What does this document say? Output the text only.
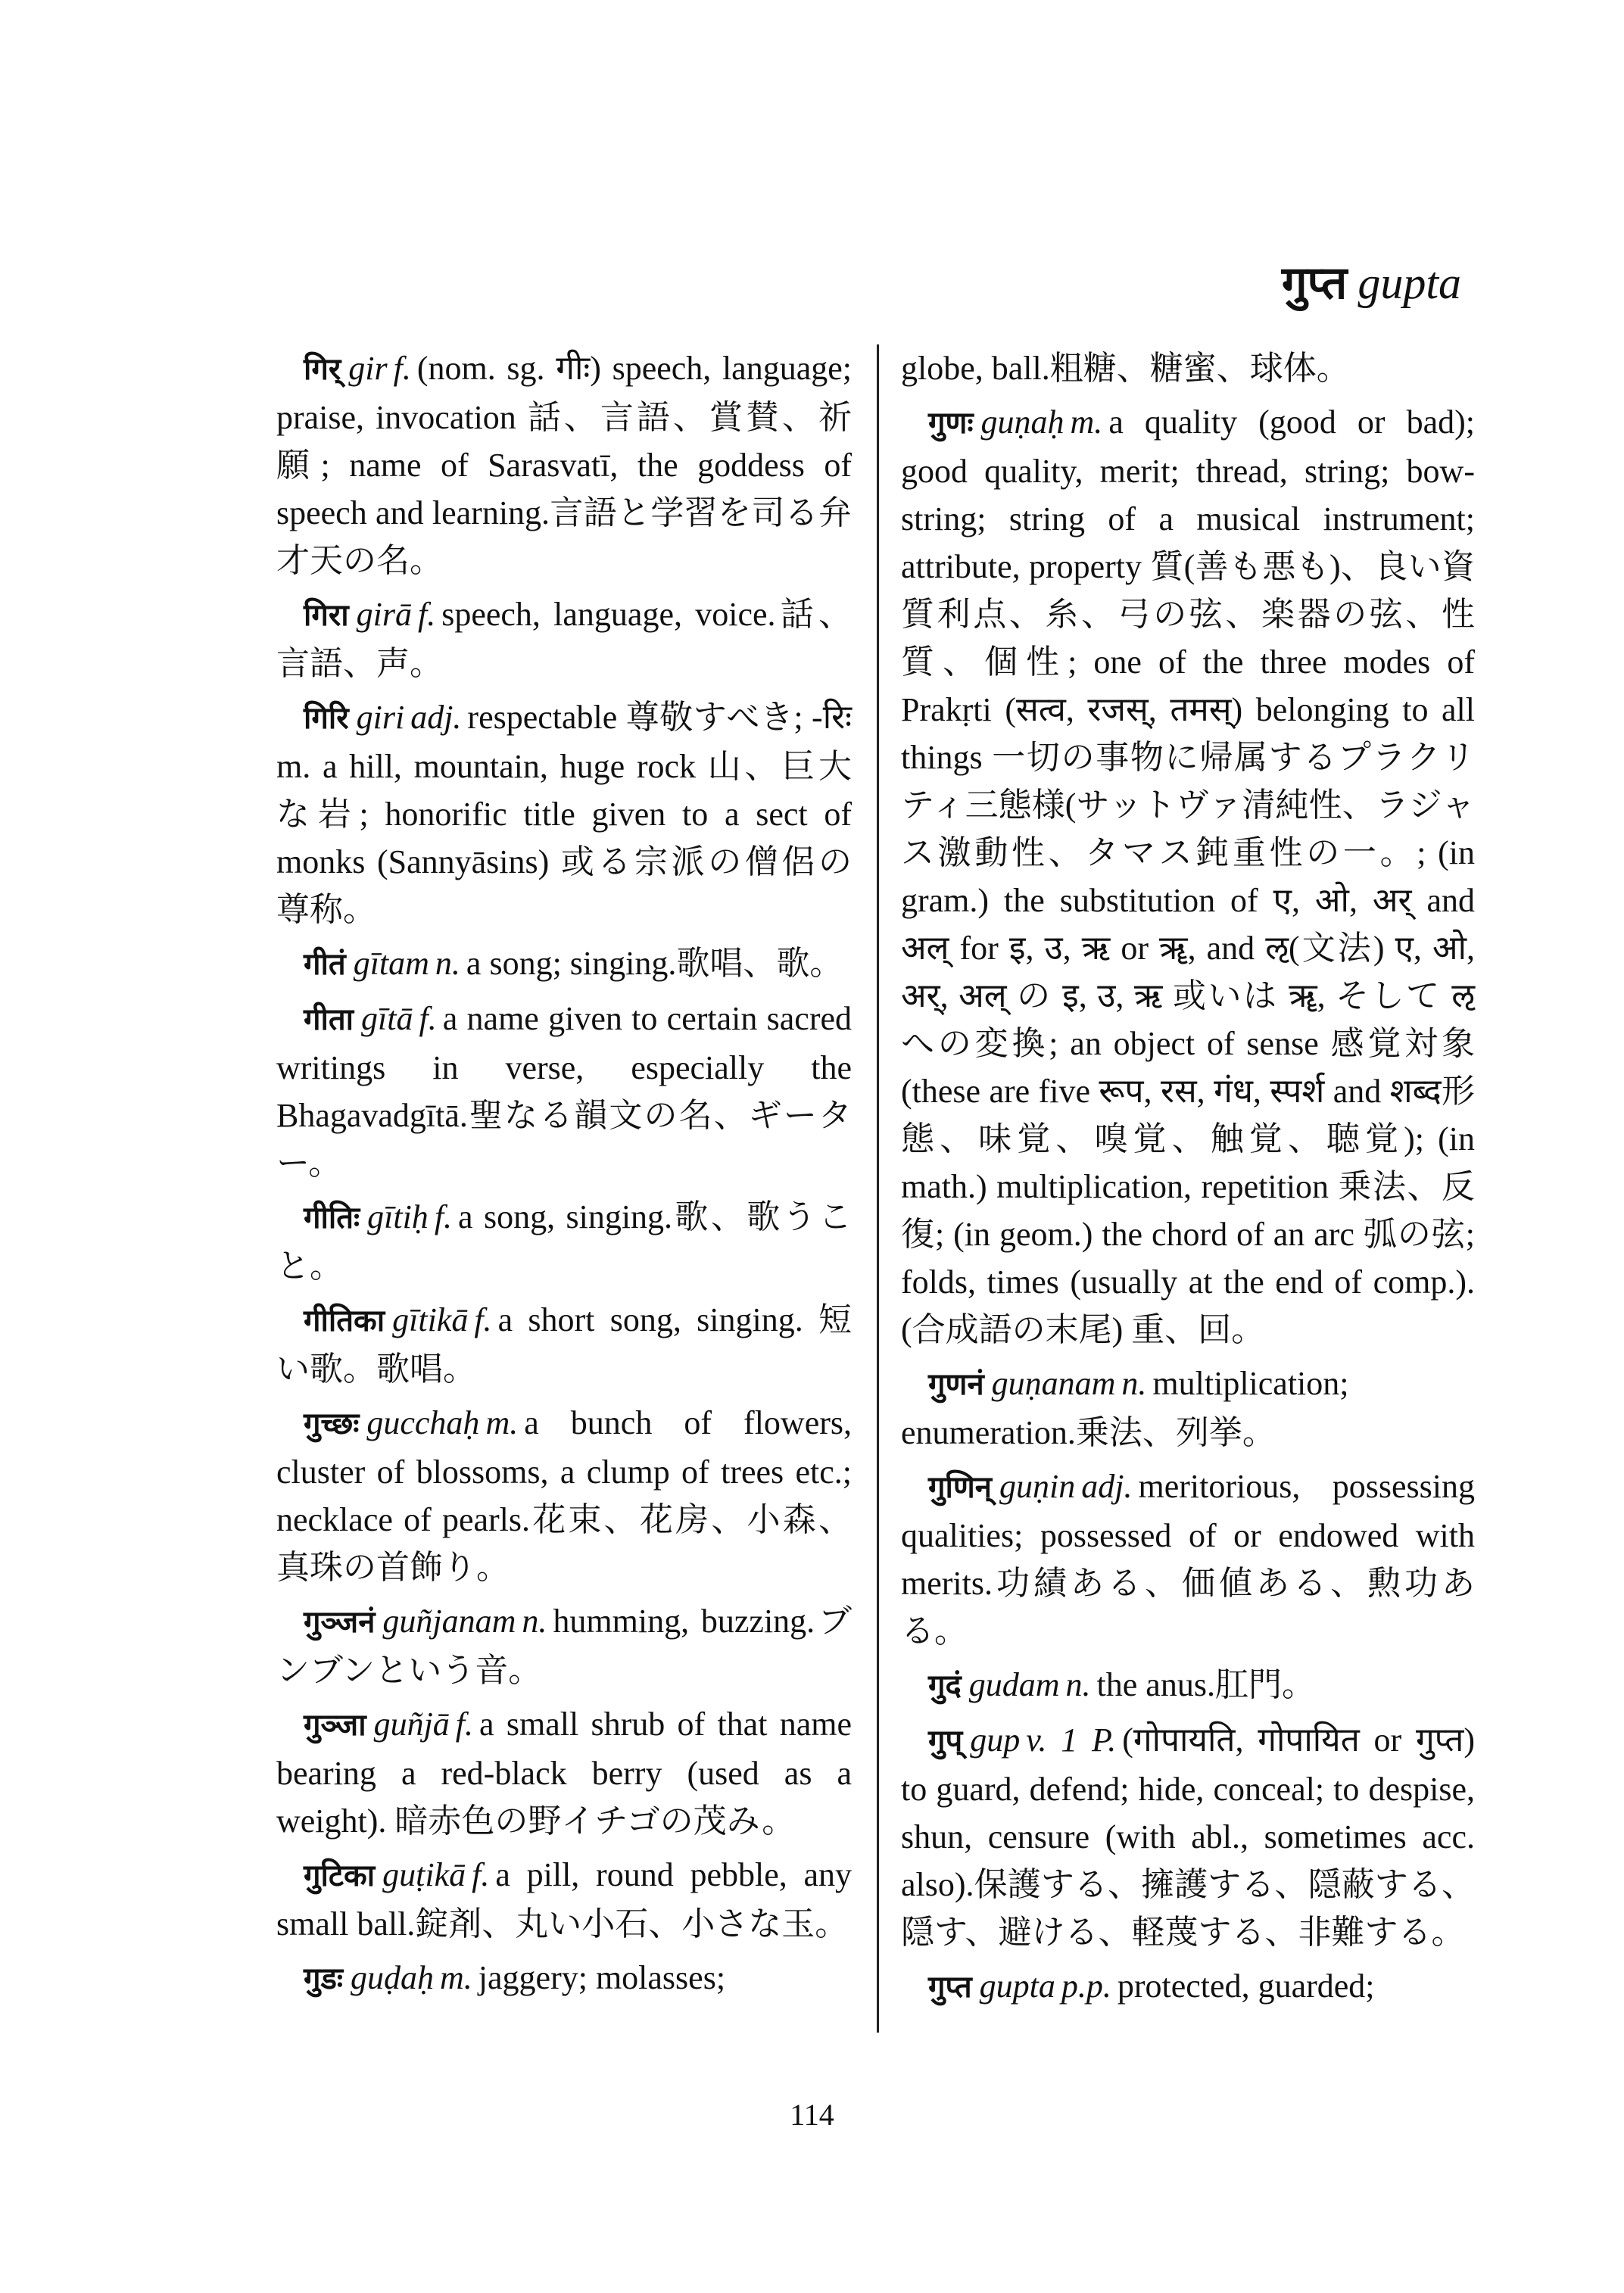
गुप्त gupta

गिर् gir f. (nom. sg. गीः) speech, language; praise, invocation 話、言語、賞賛、祈願; name of Sarasvatī, the goddess of speech and learning.言語と学習を司る弁才天の名。

गिरा girā f. speech, language, voice.話、言語、声。

गिरि giri adj. respectable 尊敬すべき; -रिः m. a hill, mountain, huge rock 山、巨大な岩; honorific title given to a sect of monks (Sannyāsins) 或る宗派の僧侶の尊称。

गीतं gītam n. a song; singing.歌唱、歌。

गीता gītā f. a name given to certain sacred writings in verse, especially the Bhagavadgītā.聖なる韻文の名、ギーター。

गीतिः gītiḥ f. a song, singing.歌、歌うこと。

गीतिका gītikā f. a short song, singing. 短い歌。歌唱。

गुच्छः gucchaḥ m. a bunch of flowers, cluster of blossoms, a clump of trees etc.; necklace of pearls.花束、花房、小森、真珠の首飾り。

गुञ्जनं guñjanam n. humming, buzzing.ブンブンという音。

गुञ्जा guñjā f. a small shrub of that name bearing a red-black berry (used as a weight). 暗赤色の野イチゴの茂み。

गुटिका guṭikā f. a pill, round pebble, any small ball.錠剤、丸い小石、小さな玉。

गुडः guḍaḥ m. jaggery; molasses;

globe, ball.粗糖、糖蜜、球体。

गुणः guṇaḥ m. a quality (good or bad); good quality, merit; thread, string; bow-string; string of a musical instrument; attribute, property 質(善も悪も)、良い資質利点、糸、弓の弦、楽器の弦、性質、個性; one of the three modes of Prakṛti (सत्व, रजस्, तमस्) belonging to all things 一切の事物に帰属するプラクリティ三態様(サットヴァ清純性、ラジャス激動性、タマス鈍重性の一。; (in gram.) the substitution of ए, ओ, अर् and अल् for इ, उ, ऋ or ॠ, and ऌ(文法) ए, ओ, अर्, अल् の इ, उ, ऋ 或いは ॠ, そして ऌへの変換; an object of sense 感覚対象(these are five रूप, रस, गंध, स्पर्श and शब्द形態、味覚、嗅覚、触覚、聴覚); (in math.) multiplication, repetition 乗法、反復; (in geom.) the chord of an arc 弧の弦; folds, times (usually at the end of comp.).(合成語の末尾) 重、回。

गुणनं guṇanam n. multiplication; enumeration.乗法、列挙。

गुणिन् guṇin adj. meritorious, possessing qualities; possessed of or endowed with merits.功績ある、価値ある、勲功ある。

गुदं gudam n. the anus.肛門。

गुप् gup v. 1 P. (गोपायति, गोपायित or गुप्त) to guard, defend; hide, conceal; to despise, shun, censure (with abl., sometimes acc. also).保護する、擁護する、隠蔽する、隠す、避ける、軽蔑する、非難する。

गुप्त gupta p.p. protected, guarded;

114
